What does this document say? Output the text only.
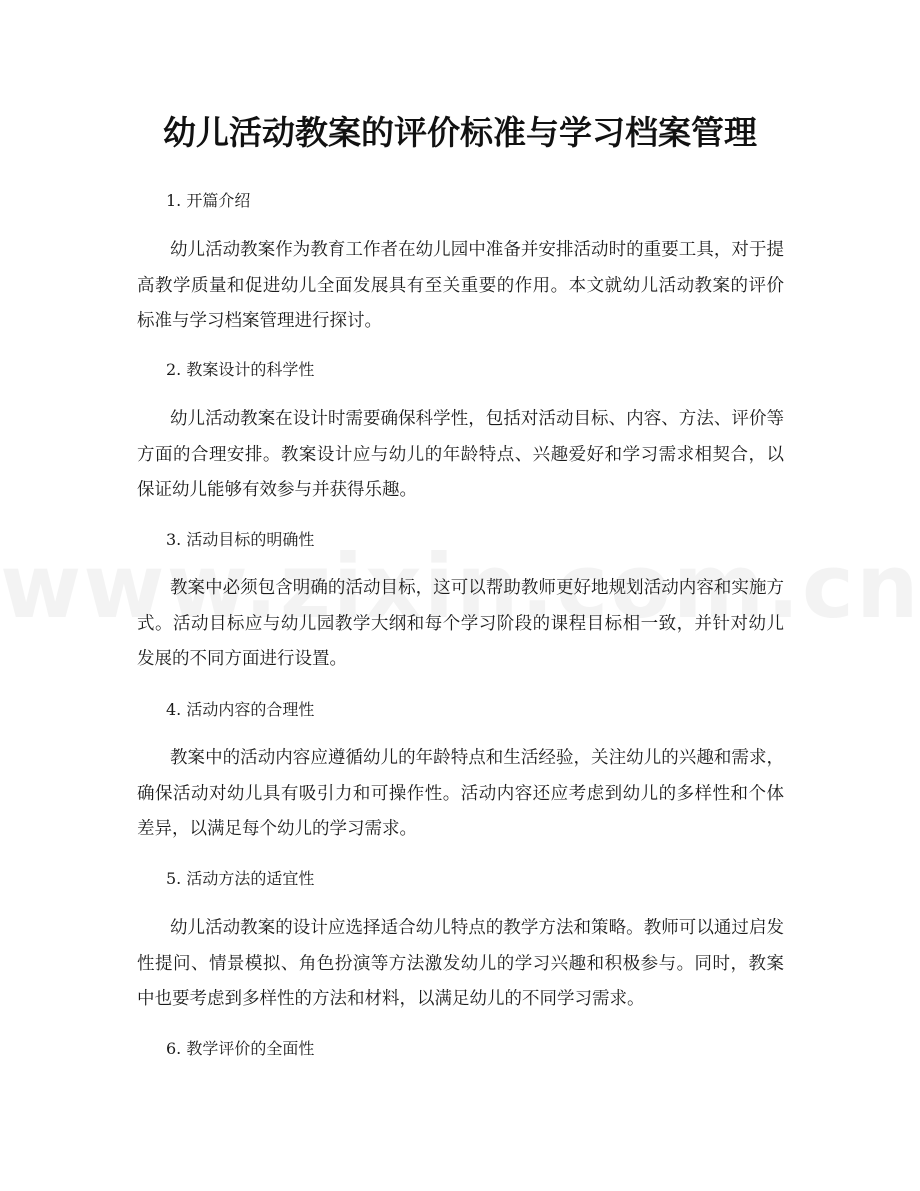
幼儿活动教案的评价标准与学习档案管理

1. 开篇介绍

幼儿活动教案作为教育工作者在幼儿园中准备并安排活动时的重要工具，对于提高教学质量和促进幼儿全面发展具有至关重要的作用。本文就幼儿活动教案的评价标准与学习档案管理进行探讨。

2. 教案设计的科学性

幼儿活动教案在设计时需要确保科学性，包括对活动目标、内容、方法、评价等方面的合理安排。教案设计应与幼儿的年龄特点、兴趣爱好和学习需求相契合，以保证幼儿能够有效参与并获得乐趣。

3. 活动目标的明确性

教案中必须包含明确的活动目标，这可以帮助教师更好地规划活动内容和实施方式。活动目标应与幼儿园教学大纲和每个学习阶段的课程目标相一致，并针对幼儿发展的不同方面进行设置。

4. 活动内容的合理性

教案中的活动内容应遵循幼儿的年龄特点和生活经验，关注幼儿的兴趣和需求，确保活动对幼儿具有吸引力和可操作性。活动内容还应考虑到幼儿的多样性和个体差异，以满足每个幼儿的学习需求。

5. 活动方法的适宜性

幼儿活动教案的设计应选择适合幼儿特点的教学方法和策略。教师可以通过启发性提问、情景模拟、角色扮演等方法激发幼儿的学习兴趣和积极参与。同时，教案中也要考虑到多样性的方法和材料，以满足幼儿的不同学习需求。

6. 教学评价的全面性
